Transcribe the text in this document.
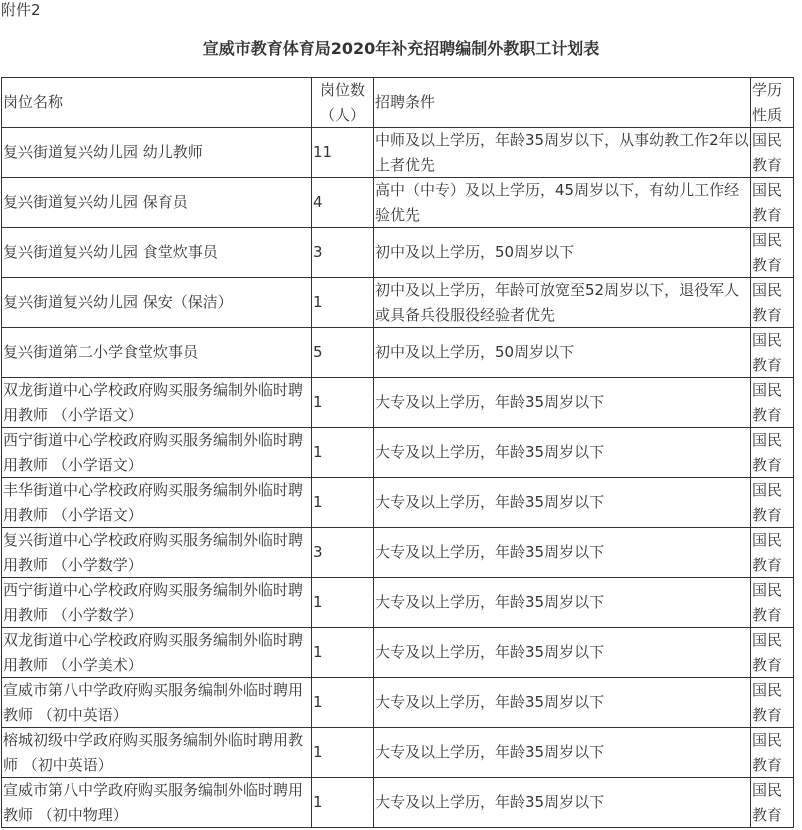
附件2
宣威市教育体育局2020年补充招聘编制外教职工计划表
岗位名称	岗位数（人）	招聘条件	学历性质
复兴街道复兴幼儿园 幼儿教师	11	中师及以上学历，年龄35周岁以下，从事幼教工作2年以上者优先	国民教育
复兴街道复兴幼儿园 保育员	4	高中（中专）及以上学历，45周岁以下，有幼儿工作经验优先	国民教育
复兴街道复兴幼儿园 食堂炊事员	3	初中及以上学历，50周岁以下	国民教育
复兴街道复兴幼儿园 保安（保洁）	1	初中及以上学历，年龄可放宽至52周岁以下，退役军人或具备兵役服役经验者优先	国民教育
复兴街道第二小学食堂炊事员	5	初中及以上学历，50周岁以下	国民教育
双龙街道中心学校政府购买服务编制外临时聘用教师 （小学语文）	1	大专及以上学历，年龄35周岁以下	国民教育
西宁街道中心学校政府购买服务编制外临时聘用教师 （小学语文）	1	大专及以上学历，年龄35周岁以下	国民教育
丰华街道中心学校政府购买服务编制外临时聘用教师 （小学语文）	1	大专及以上学历，年龄35周岁以下	国民教育
复兴街道中心学校政府购买服务编制外临时聘用教师 （小学数学）	3	大专及以上学历，年龄35周岁以下	国民教育
西宁街道中心学校政府购买服务编制外临时聘用教师 （小学数学）	1	大专及以上学历，年龄35周岁以下	国民教育
双龙街道中心学校政府购买服务编制外临时聘用教师 （小学美术）	1	大专及以上学历，年龄35周岁以下	国民教育
宣威市第八中学政府购买服务编制外临时聘用教师 （初中英语）	1	大专及以上学历，年龄35周岁以下	国民教育
榕城初级中学政府购买服务编制外临时聘用教师 （初中英语）	1	大专及以上学历，年龄35周岁以下	国民教育
宣威市第八中学政府购买服务编制外临时聘用教师 （初中物理）	1	大专及以上学历，年龄35周岁以下	国民教育
